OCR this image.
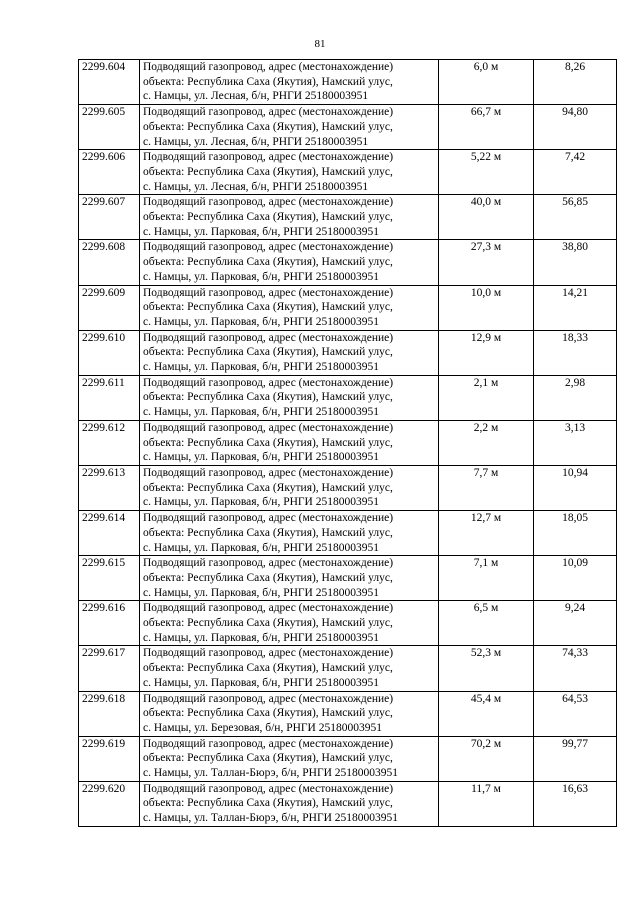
81
2299.604	Подводящий газопровод, адрес (местонахождение)
объекта: Республика Саха (Якутия), Намский улус,
с. Намцы, ул. Лесная, б/н, РНГИ 25180003951	6,0 м	8,26
2299.605	Подводящий газопровод, адрес (местонахождение)
объекта: Республика Саха (Якутия), Намский улус,
с. Намцы, ул. Лесная, б/н, РНГИ 25180003951	66,7 м	94,80
2299.606	Подводящий газопровод, адрес (местонахождение)
объекта: Республика Саха (Якутия), Намский улус,
с. Намцы, ул. Лесная, б/н, РНГИ 25180003951	5,22 м	7,42
2299.607	Подводящий газопровод, адрес (местонахождение)
объекта: Республика Саха (Якутия), Намский улус,
с. Намцы, ул. Парковая, б/н, РНГИ 25180003951	40,0 м	56,85
2299.608	Подводящий газопровод, адрес (местонахождение)
объекта: Республика Саха (Якутия), Намский улус,
с. Намцы, ул. Парковая, б/н, РНГИ 25180003951	27,3 м	38,80
2299.609	Подводящий газопровод, адрес (местонахождение)
объекта: Республика Саха (Якутия), Намский улус,
с. Намцы, ул. Парковая, б/н, РНГИ 25180003951	10,0 м	14,21
2299.610	Подводящий газопровод, адрес (местонахождение)
объекта: Республика Саха (Якутия), Намский улус,
с. Намцы, ул. Парковая, б/н, РНГИ 25180003951	12,9 м	18,33
2299.611	Подводящий газопровод, адрес (местонахождение)
объекта: Республика Саха (Якутия), Намский улус,
с. Намцы, ул. Парковая, б/н, РНГИ 25180003951	2,1 м	2,98
2299.612	Подводящий газопровод, адрес (местонахождение)
объекта: Республика Саха (Якутия), Намский улус,
с. Намцы, ул. Парковая, б/н, РНГИ 25180003951	2,2 м	3,13
2299.613	Подводящий газопровод, адрес (местонахождение)
объекта: Республика Саха (Якутия), Намский улус,
с. Намцы, ул. Парковая, б/н, РНГИ 25180003951	7,7 м	10,94
2299.614	Подводящий газопровод, адрес (местонахождение)
объекта: Республика Саха (Якутия), Намский улус,
с. Намцы, ул. Парковая, б/н, РНГИ 25180003951	12,7 м	18,05
2299.615	Подводящий газопровод, адрес (местонахождение)
объекта: Республика Саха (Якутия), Намский улус,
с. Намцы, ул. Парковая, б/н, РНГИ 25180003951	7,1 м	10,09
2299.616	Подводящий газопровод, адрес (местонахождение)
объекта: Республика Саха (Якутия), Намский улус,
с. Намцы, ул. Парковая, б/н, РНГИ 25180003951	6,5 м	9,24
2299.617	Подводящий газопровод, адрес (местонахождение)
объекта: Республика Саха (Якутия), Намский улус,
с. Намцы, ул. Парковая, б/н, РНГИ 25180003951	52,3 м	74,33
2299.618	Подводящий газопровод, адрес (местонахождение)
объекта: Республика Саха (Якутия), Намский улус,
с. Намцы, ул. Березовая, б/н, РНГИ 25180003951	45,4 м	64,53
2299.619	Подводящий газопровод, адрес (местонахождение)
объекта: Республика Саха (Якутия), Намский улус,
с. Намцы, ул. Таллан-Бюрэ, б/н, РНГИ 25180003951	70,2 м	99,77
2299.620	Подводящий газопровод, адрес (местонахождение)
объекта: Республика Саха (Якутия), Намский улус,
с. Намцы, ул. Таллан-Бюрэ, б/н, РНГИ 25180003951	11,7 м	16,63
